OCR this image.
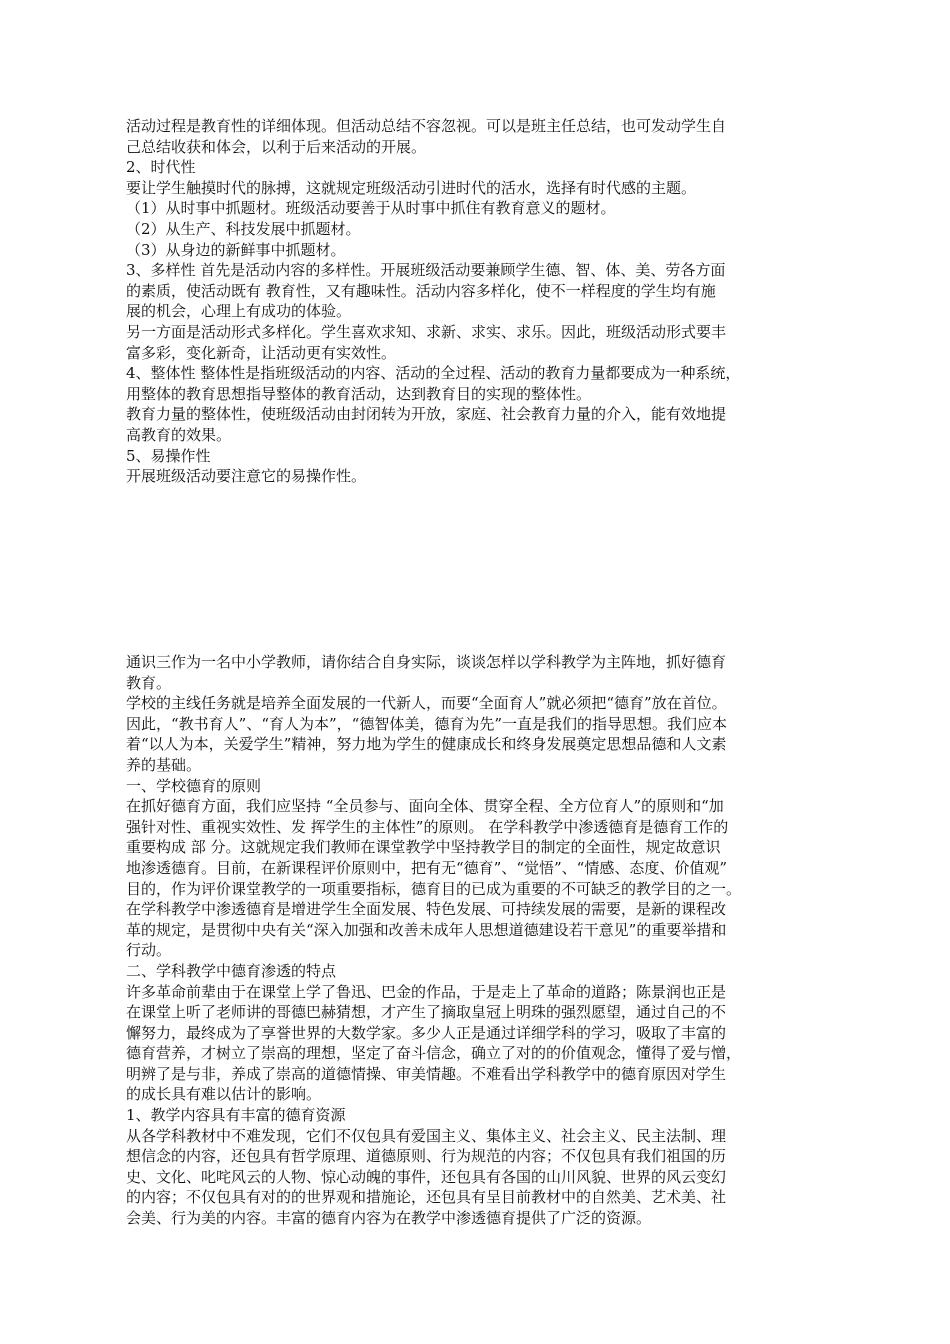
活动过程是教育性的详细体现。但活动总结不容忽视。可以是班主任总结，也可发动学生自
己总结收获和体会，以利于后来活动的开展。
2、时代性
要让学生触摸时代的脉搏，这就规定班级活动引进时代的活水，选择有时代感的主题。
（1）从时事中抓题材。班级活动要善于从时事中抓住有教育意义的题材。
（2）从生产、科技发展中抓题材。
（3）从身边的新鲜事中抓题材。
3、多样性 首先是活动内容的多样性。开展班级活动要兼顾学生德、智、体、美、劳各方面
的素质，使活动既有 教育性，又有趣味性。活动内容多样化，使不一样程度的学生均有施
展的机会，心理上有成功的体验。
另一方面是活动形式多样化。学生喜欢求知、求新、求实、求乐。因此，班级活动形式要丰
富多彩，变化新奇，让活动更有实效性。
4、整体性 整体性是指班级活动的内容、活动的全过程、活动的教育力量都要成为一种系统，
用整体的教育思想指导整体的教育活动，达到教育目的实现的整体性。
教育力量的整体性，使班级活动由封闭转为开放，家庭、社会教育力量的介入，能有效地提
高教育的效果。
5、易操作性
开展班级活动要注意它的易操作性。
通识三作为一名中小学教师，请你结合自身实际，谈谈怎样以学科教学为主阵地，抓好德育
教育。
学校的主线任务就是培养全面发展的一代新人，而要“全面育人”就必须把“德育”放在首位。
因此，“教书育人”、“育人为本”，“德智体美，德育为先”一直是我们的指导思想。我们应本
着“以人为本，关爱学生”精神，努力地为学生的健康成长和终身发展奠定思想品德和人文素
养的基础。
一、学校德育的原则
在抓好德育方面，我们应坚持 “全员参与、面向全体、贯穿全程、全方位育人”的原则和“加
强针对性、重视实效性、发 挥学生的主体性”的原则。 在学科教学中渗透德育是德育工作的
重要构成 部 分。这就规定我们教师在课堂教学中坚持教学目的制定的全面性，规定故意识
地渗透德育。目前，在新课程评价原则中，把有无“德育”、“觉悟”、“情感、态度、价值观”
目的，作为评价课堂教学的一项重要指标，德育目的已成为重要的不可缺乏的教学目的之一。
在学科教学中渗透德育是增进学生全面发展、特色发展、可持续发展的需要，是新的课程改
革的规定，是贯彻中央有关“深入加强和改善未成年人思想道德建设若干意见”的重要举措和
行动。
二、学科教学中德育渗透的特点
许多革命前辈由于在课堂上学了鲁迅、巴金的作品，于是走上了革命的道路；陈景润也正是
在课堂上听了老师讲的哥德巴赫猜想，才产生了摘取皇冠上明珠的强烈愿望，通过自己的不
懈努力，最终成为了享誉世界的大数学家。多少人正是通过详细学科的学习，吸取了丰富的
德育营养，才树立了崇高的理想，坚定了奋斗信念，确立了对的的价值观念，懂得了爱与憎，
明辨了是与非，养成了崇高的道德情操、审美情趣。不难看出学科教学中的德育原因对学生
的成长具有难以估计的影响。
1、教学内容具有丰富的德育资源
从各学科教材中不难发现，它们不仅包具有爱国主义、集体主义、社会主义、民主法制、理
想信念的内容，还包具有哲学原理、道德原则、行为规范的内容；不仅包具有我们祖国的历
史、文化、叱咤风云的人物、惊心动魄的事件，还包具有各国的山川风貌、世界的风云变幻
的内容；不仅包具有对的的世界观和措施论，还包具有呈目前教材中的自然美、艺术美、社
会美、行为美的内容。丰富的德育内容为在教学中渗透德育提供了广泛的资源。
